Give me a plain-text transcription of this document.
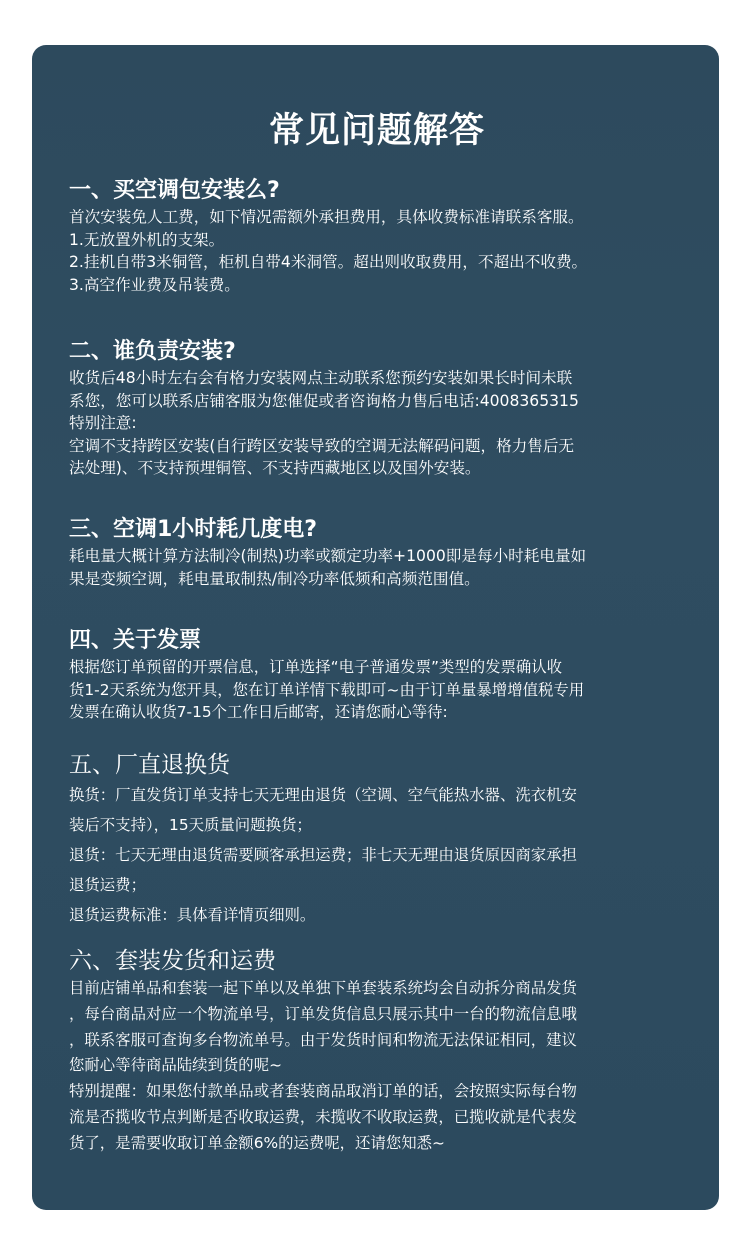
常见问题解答
一、买空调包安装么?
首次安装免人工费，如下情况需额外承担费用，具体收费标准请联系客服。
1.无放置外机的支架。
2.挂机自带3米铜管，柜机自带4米洞管。超出则收取费用，不超出不收费。
3.高空作业费及吊装费。
二、谁负责安装?
收货后48小时左右会有格力安装网点主动联系您预约安装如果长时间未联
系您，您可以联系店铺客服为您催促或者咨询格力售后电话:4008365315
特别注意:
空调不支持跨区安装(自行跨区安装导致的空调无法解码问题，格力售后无
法处理)、不支持预埋铜管、不支持西藏地区以及国外安装。
三、空调1小时耗几度电?
耗电量大概计算方法制冷(制热)功率或额定功率+1000即是每小时耗电量如
果是变频空调，耗电量取制热/制冷功率低频和高频范围值。
四、关于发票
根据您订单预留的开票信息，订单选择“电子普通发票”类型的发票确认收
货1-2天系统为您开具，您在订单详情下载即可~由于订单量暴增增值税专用
发票在确认收货7-15个工作日后邮寄，还请您耐心等待:
五、厂直退换货
换货：厂直发货订单支持七天无理由退货（空调、空气能热水器、洗衣机安
装后不支持），15天质量问题换货；
退货：七天无理由退货需要顾客承担运费；非七天无理由退货原因商家承担
退货运费；
退货运费标准：具体看详情页细则。
六、套装发货和运费
目前店铺单品和套装一起下单以及单独下单套装系统均会自动拆分商品发货
，每台商品对应一个物流单号，订单发货信息只展示其中一台的物流信息哦
，联系客服可查询多台物流单号。由于发货时间和物流无法保证相同，建议
您耐心等待商品陆续到货的呢~
特别提醒：如果您付款单品或者套装商品取消订单的话，会按照实际每台物
流是否揽收节点判断是否收取运费，未揽收不收取运费，已揽收就是代表发
货了，是需要收取订单金额6%的运费呢，还请您知悉~
